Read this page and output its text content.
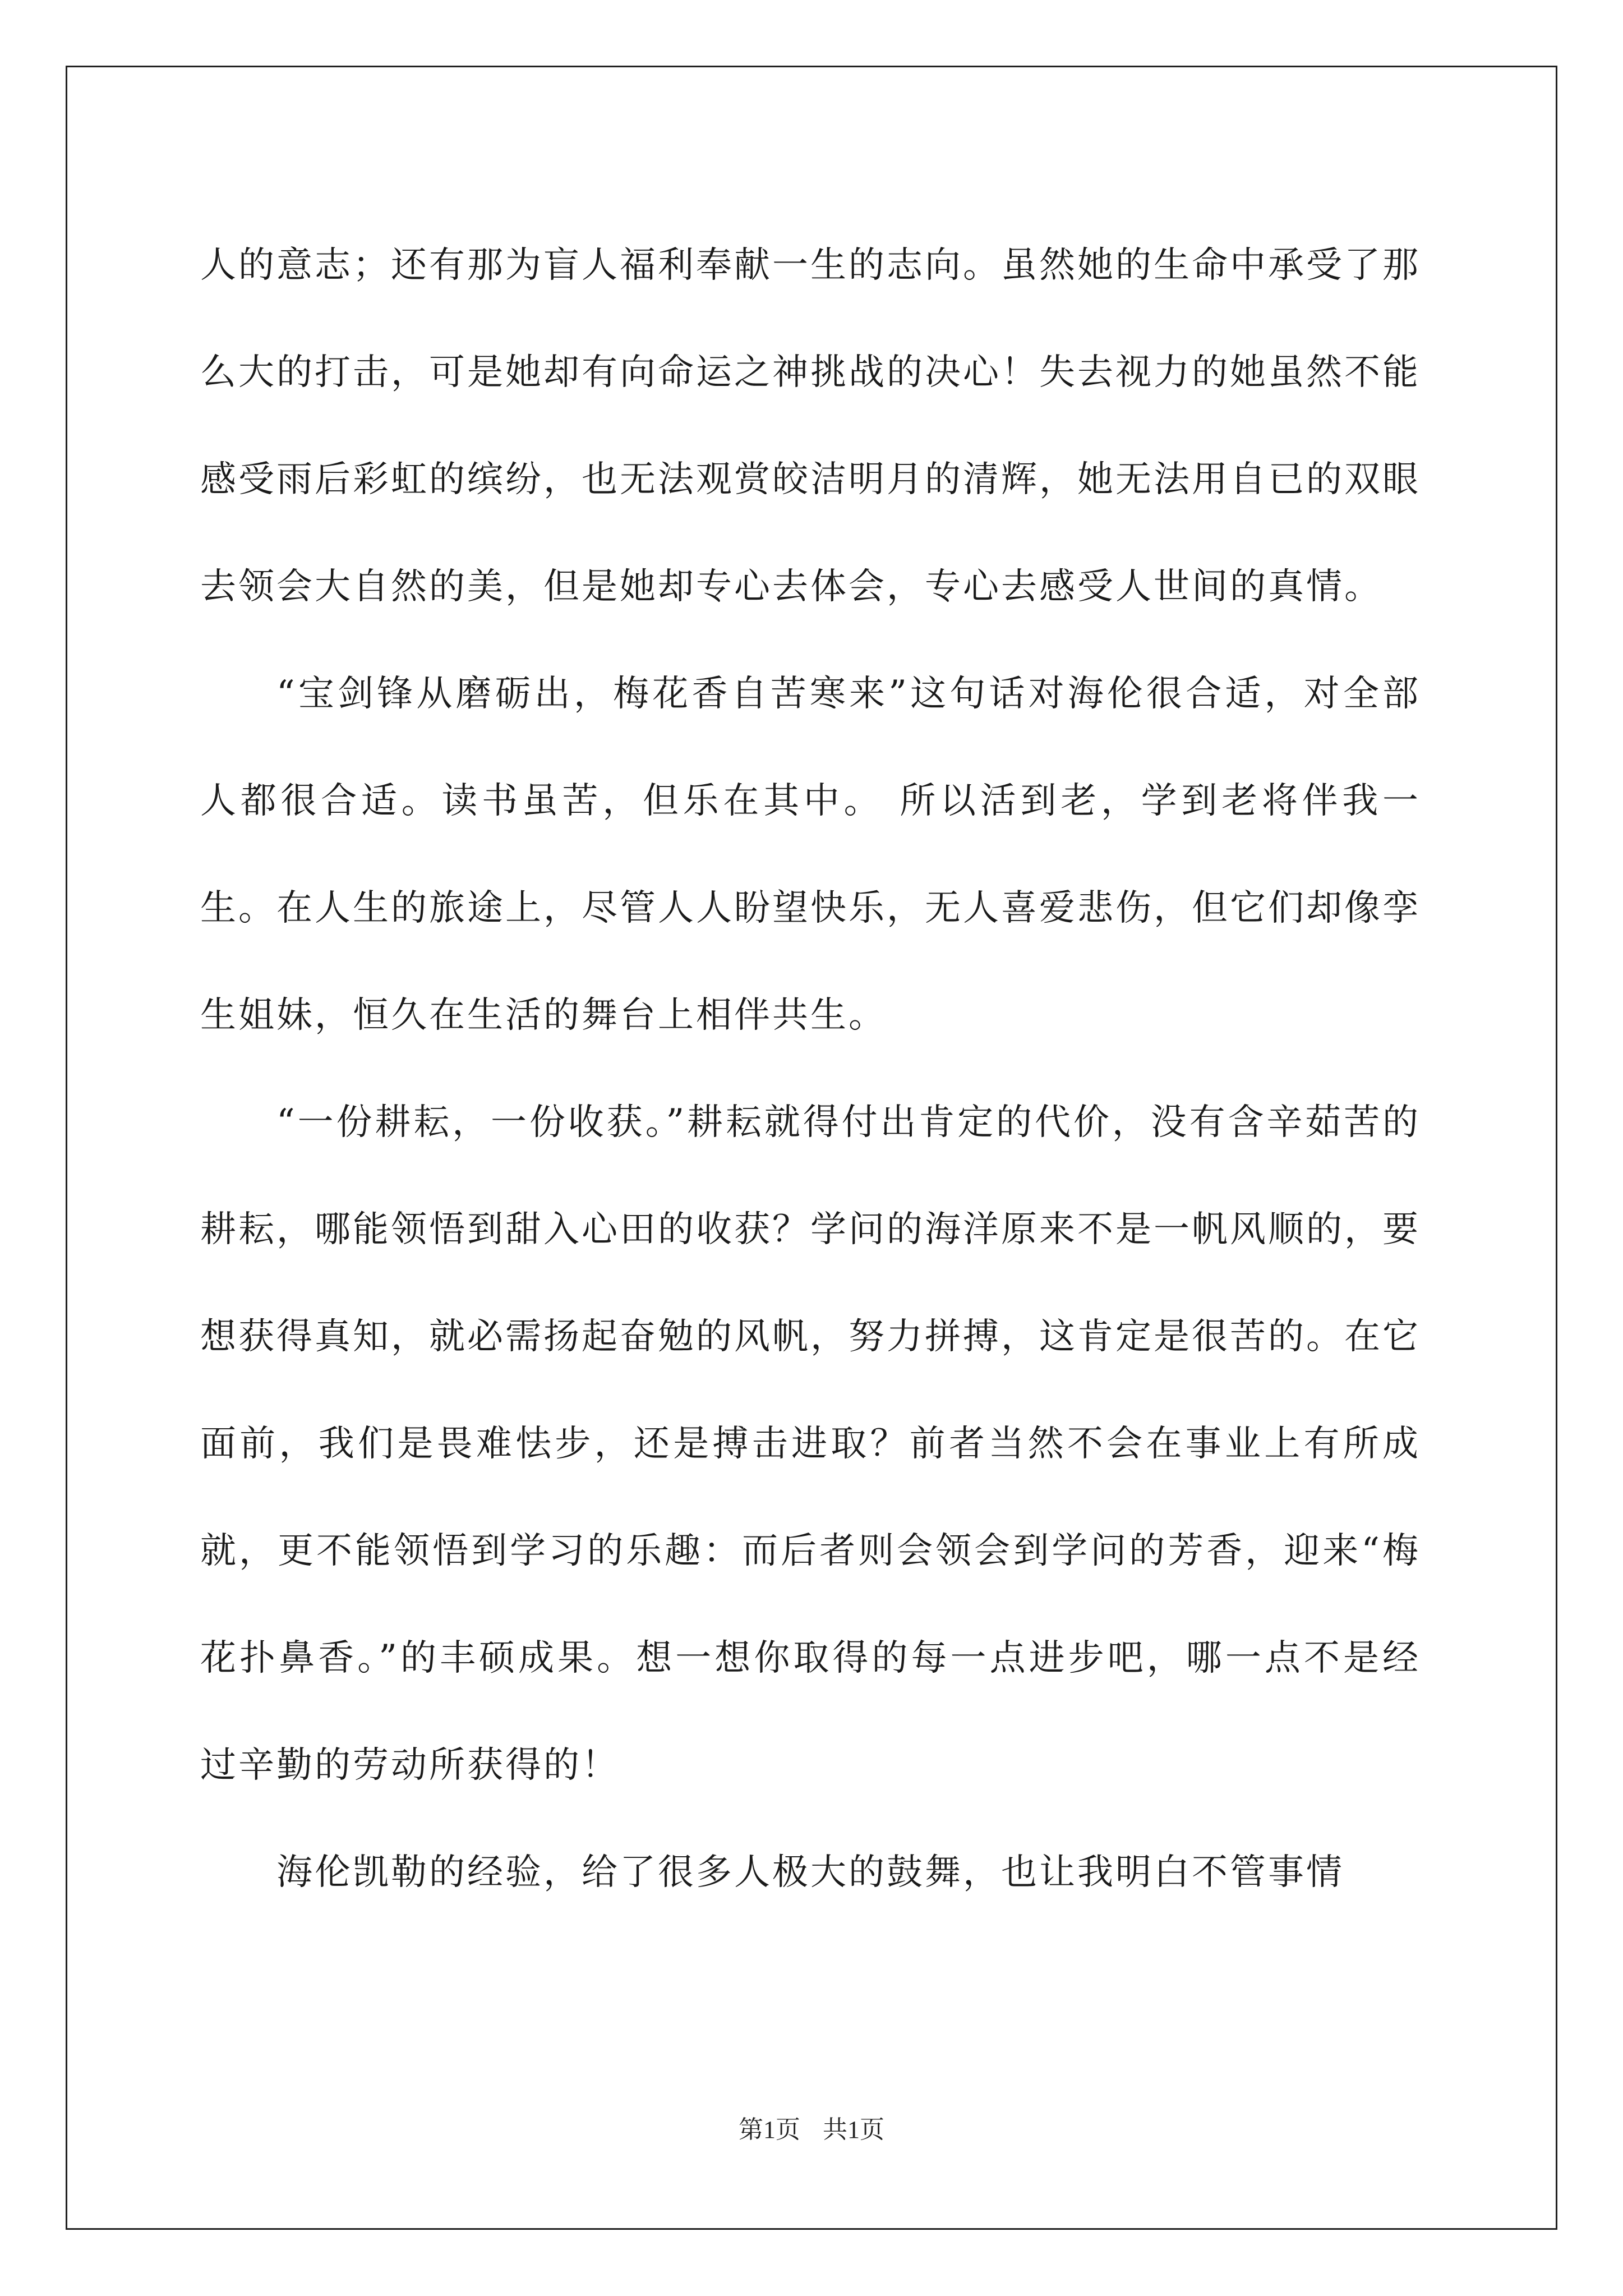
人的意志；还有那为盲人福利奉献一生的志向。虽然她的生命中承受了那么大的打击，可是她却有向命运之神挑战的决心！失去视力的她虽然不能感受雨后彩虹的缤纷，也无法观赏皎洁明月的清辉，她无法用自已的双眼去领会大自然的美，但是她却专心去体会，专心去感受人世间的真情。

“宝剑锋从磨砺出，梅花香自苦寒来”这句话对海伦很合适，对全部人都很合适。读书虽苦，但乐在其中。 所以活到老，学到老将伴我一生。在人生的旅途上，尽管人人盼望快乐，无人喜爱悲伤，但它们却像孪生姐妹，恒久在生活的舞台上相伴共生。

“一份耕耘，一份收获。”耕耘就得付出肯定的代价，没有含辛茹苦的耕耘，哪能领悟到甜入心田的收获？学问的海洋原来不是一帆风顺的，要想获得真知，就必需扬起奋勉的风帆，努力拼搏，这肯定是很苦的。在它面前，我们是畏难怯步，还是搏击进取？前者当然不会在事业上有所成就，更不能领悟到学习的乐趣：而后者则会领会到学问的芳香，迎来“梅花扑鼻香。”的丰硕成果。想一想你取得的每一点进步吧，哪一点不是经过辛勤的劳动所获得的！

海伦凯勒的经验，给了很多人极大的鼓舞，也让我明白不管事情

第1页 共1页
